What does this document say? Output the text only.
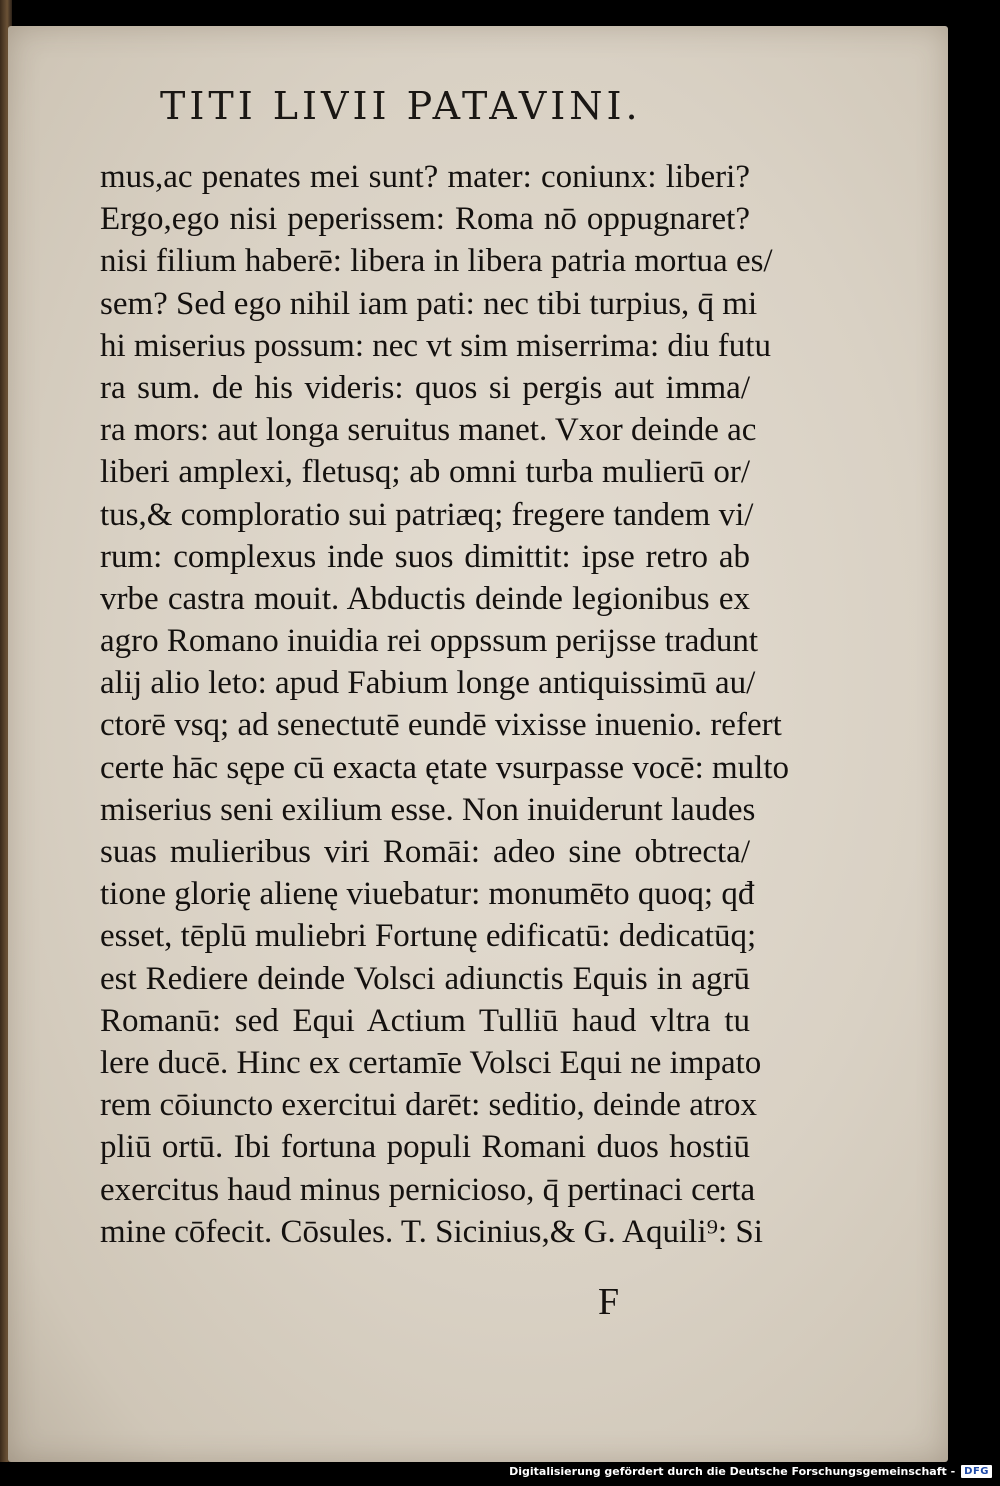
TITI LIVII PATAVINI.
mus,ac penates mei sunt? mater: coniunx: liberi?
Ergo,ego nisi peperissem: Roma nō oppugnaret?
nisi filium haberē: libera in libera patria mortua es/
sem? Sed ego nihil iam pati: nec tibi turpius, q̄ mi
hi miserius possum: nec vt sim miserrima: diu futu
ra sum. de his videris: quos si pergis aut imma/
ra mors: aut longa seruitus manet. Vxor deinde ac
liberi amplexi, fletusq; ab omni turba mulierū or/
tus,& comploratio sui patriæq; fregere tandem vi/
rum: complexus inde suos dimittit: ipse retro ab
vrbe castra mouit. Abductis deinde legionibus ex
agro Romano inuidia rei oppssum perijsse tradunt
alij alio leto: apud Fabium longe antiquissimū au/
ctorē vsq; ad senectutē eundē vixisse inuenio. refert
certe hāc sępe cū exacta ętate vsurpasse vocē: multo
miserius seni exilium esse. Non inuiderunt laudes
suas mulieribus viri Romāi: adeo sine obtrecta/
tione glorię alienę viuebatur: monumēto quoq; qđ
esset, tēplū muliebri Fortunę edificatū: dedicatūq;
est Rediere deinde Volsci adiunctis Equis in agrū
Romanū: sed Equi Actium Tulliū haud vltra tu
lere ducē. Hinc ex certamīe Volsci Equi ne impato
rem cōiuncto exercitui darēt: seditio, deinde atrox
pliū ortū. Ibi fortuna populi Romani duos hostiū
exercitus haud minus pernicioso, q̄ pertinaci certa
mine cōfecit. Cōsules. T. Sicinius,& G. Aquili⁹: Si
F
Digitalisierung gefördert durch die Deutsche Forschungsgemeinschaft - DFG
